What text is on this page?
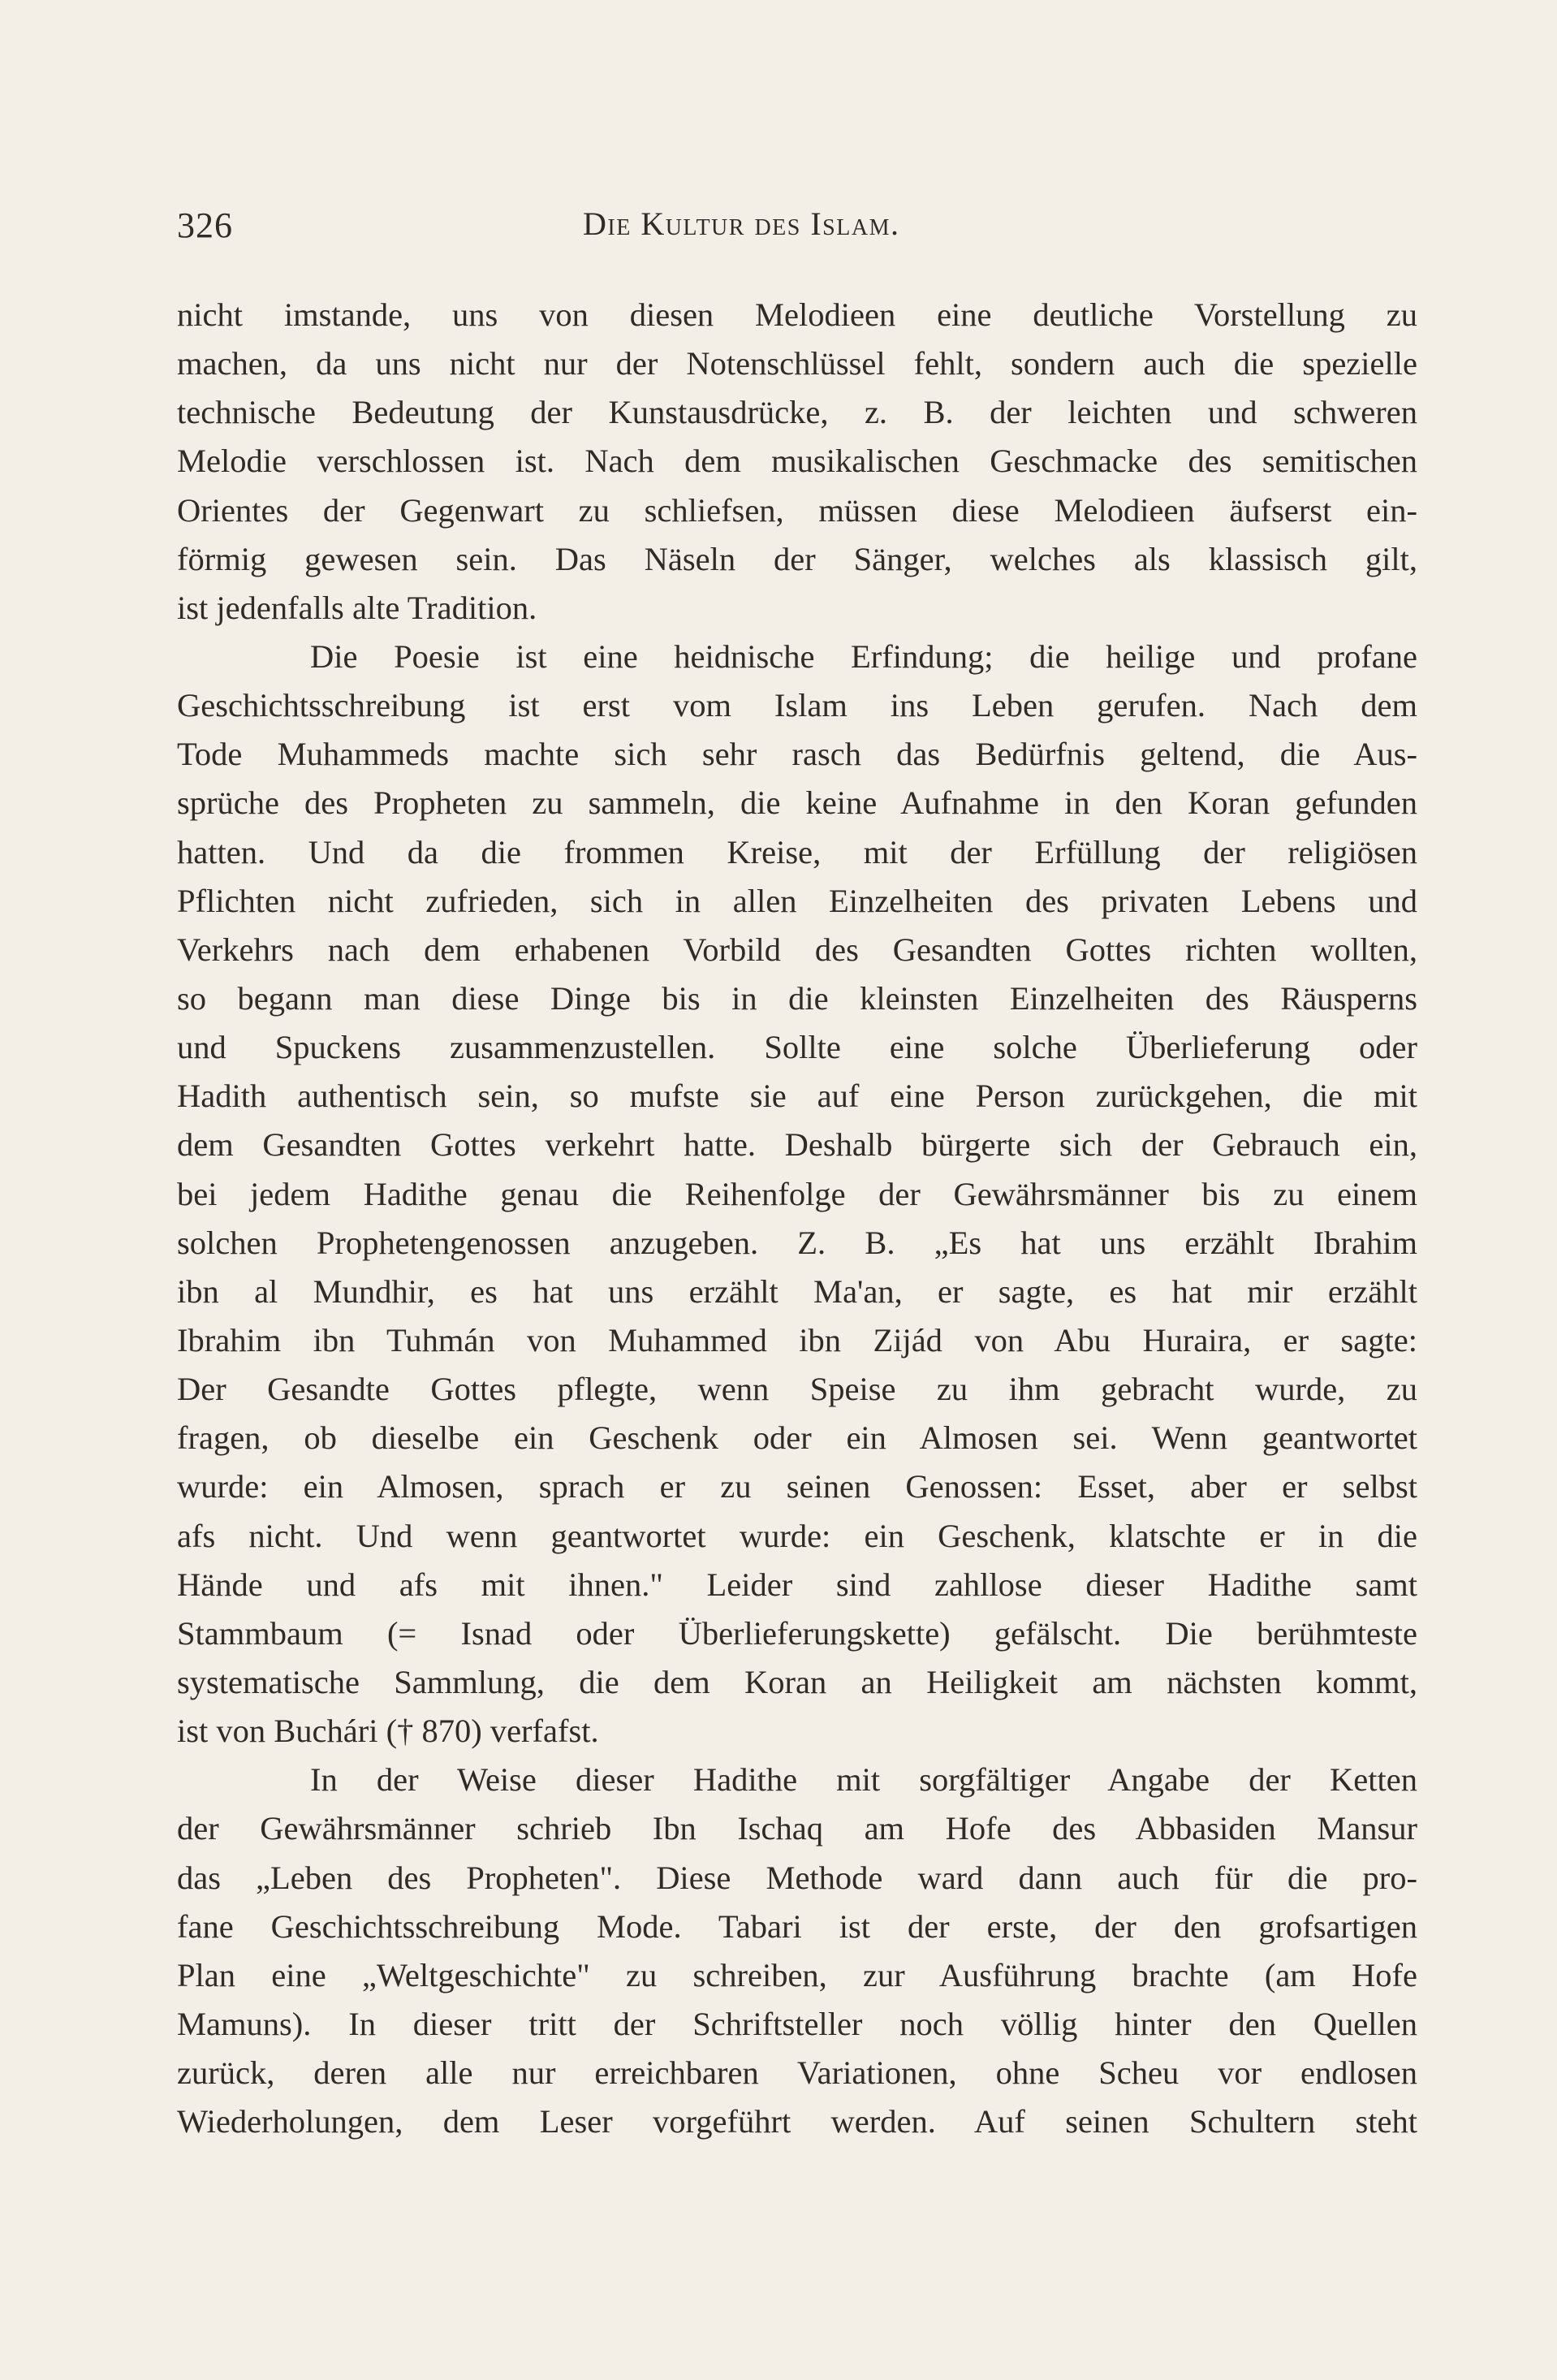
326	Die Kultur des Islam.
nicht imstande, uns von diesen Melodieen eine deutliche Vorstellung zu
machen, da uns nicht nur der Notenschlüssel fehlt, sondern auch die spezielle
technische Bedeutung der Kunstausdrücke, z. B. der leichten und schweren
Melodie verschlossen ist. Nach dem musikalischen Geschmacke des semitischen
Orientes der Gegenwart zu schliefsen, müssen diese Melodieen äufserst ein-
förmig gewesen sein. Das Näseln der Sänger, welches als klassisch gilt,
ist jedenfalls alte Tradition.
Die Poesie ist eine heidnische Erfindung; die heilige und profane
Geschichtsschreibung ist erst vom Islam ins Leben gerufen. Nach dem
Tode Muhammeds machte sich sehr rasch das Bedürfnis geltend, die Aus-
sprüche des Propheten zu sammeln, die keine Aufnahme in den Koran gefunden
hatten. Und da die frommen Kreise, mit der Erfüllung der religiösen
Pflichten nicht zufrieden, sich in allen Einzelheiten des privaten Lebens und
Verkehrs nach dem erhabenen Vorbild des Gesandten Gottes richten wollten,
so begann man diese Dinge bis in die kleinsten Einzelheiten des Räusperns
und Spuckens zusammenzustellen. Sollte eine solche Überlieferung oder
Hadith authentisch sein, so mufste sie auf eine Person zurückgehen, die mit
dem Gesandten Gottes verkehrt hatte. Deshalb bürgerte sich der Gebrauch ein,
bei jedem Hadithe genau die Reihenfolge der Gewährsmänner bis zu einem
solchen Prophetengenossen anzugeben. Z. B. „Es hat uns erzählt Ibrahim
ibn al Mundhir, es hat uns erzählt Ma'an, er sagte, es hat mir erzählt
Ibrahim ibn Tuhmán von Muhammed ibn Zijád von Abu Huraira, er sagte:
Der Gesandte Gottes pflegte, wenn Speise zu ihm gebracht wurde, zu
fragen, ob dieselbe ein Geschenk oder ein Almosen sei. Wenn geantwortet
wurde: ein Almosen, sprach er zu seinen Genossen: Esset, aber er selbst
afs nicht. Und wenn geantwortet wurde: ein Geschenk, klatschte er in die
Hände und afs mit ihnen." Leider sind zahllose dieser Hadithe samt
Stammbaum (= Isnad oder Überlieferungskette) gefälscht. Die berühmteste
systematische Sammlung, die dem Koran an Heiligkeit am nächsten kommt,
ist von Buchári († 870) verfafst.
In der Weise dieser Hadithe mit sorgfältiger Angabe der Ketten
der Gewährsmänner schrieb Ibn Ischaq am Hofe des Abbasiden Mansur
das „Leben des Propheten". Diese Methode ward dann auch für die pro-
fane Geschichtsschreibung Mode. Tabari ist der erste, der den grofsartigen
Plan eine „Weltgeschichte" zu schreiben, zur Ausführung brachte (am Hofe
Mamuns). In dieser tritt der Schriftsteller noch völlig hinter den Quellen
zurück, deren alle nur erreichbaren Variationen, ohne Scheu vor endlosen
Wiederholungen, dem Leser vorgeführt werden. Auf seinen Schultern steht
